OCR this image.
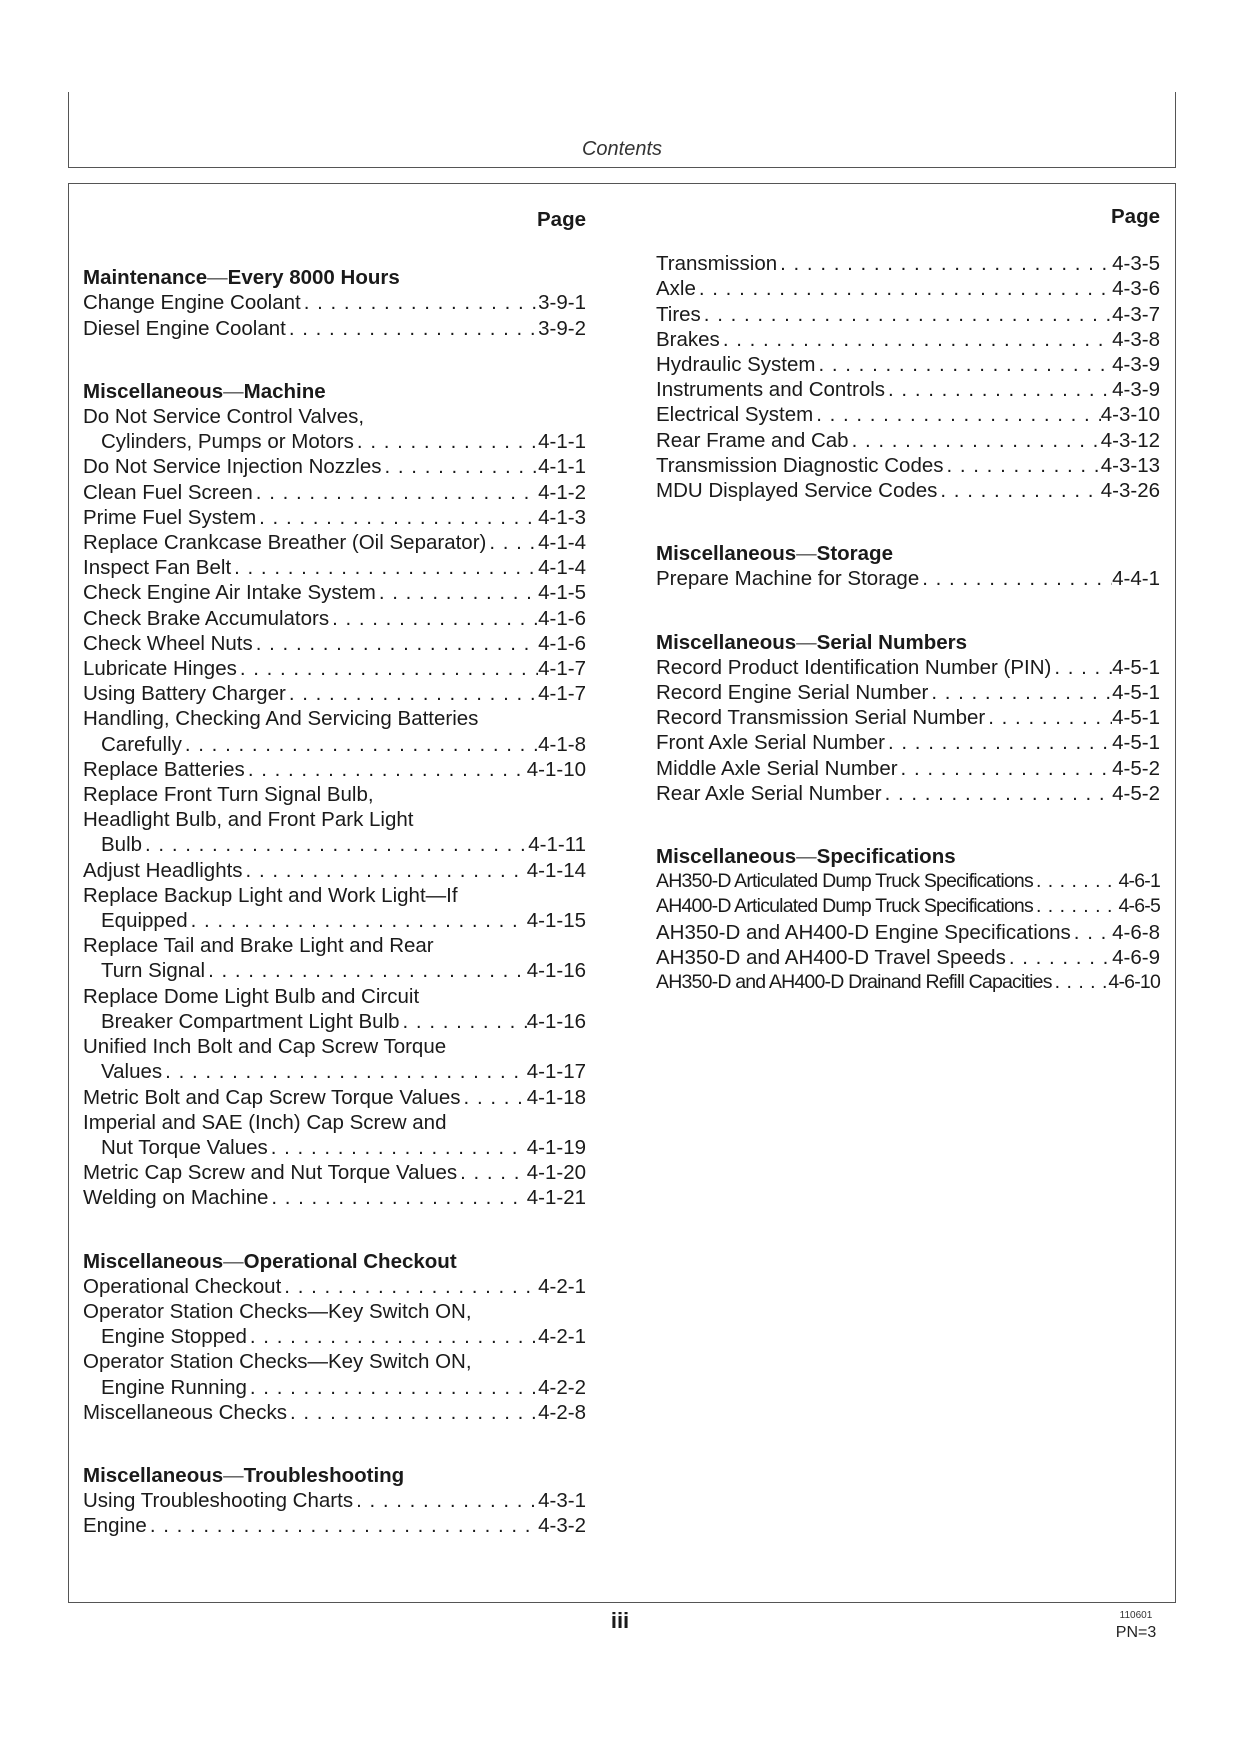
Contents
Page
Maintenance—Every 8000 Hours
Change Engine Coolant . . .	3-9-1
Diesel Engine Coolant . . .	3-9-2
Miscellaneous—Machine
Do Not Service Control Valves,
Cylinders, Pumps or Motors . . .	4-1-1
Do Not Service Injection Nozzles . . .	4-1-1
Clean Fuel Screen . . .	4-1-2
Prime Fuel System . . .	4-1-3
Replace Crankcase Breather (Oil Separator) . . .	4-1-4
Inspect Fan Belt . . .	4-1-4
Check Engine Air Intake System . . .	4-1-5
Check Brake Accumulators . . .	4-1-6
Check Wheel Nuts . . .	4-1-6
Lubricate Hinges . . .	4-1-7
Using Battery Charger . . .	4-1-7
Handling, Checking And Servicing Batteries
Carefully . . .	4-1-8
Replace Batteries . . .	4-1-10
Replace Front Turn Signal Bulb,
Headlight Bulb, and Front Park Light
Bulb . . .	4-1-11
Adjust Headlights . . .	4-1-14
Replace Backup Light and Work Light—If
Equipped . . .	4-1-15
Replace Tail and Brake Light and Rear
Turn Signal . . .	4-1-16
Replace Dome Light Bulb and Circuit
Breaker Compartment Light Bulb . . .	4-1-16
Unified Inch Bolt and Cap Screw Torque
Values . . .	4-1-17
Metric Bolt and Cap Screw Torque Values . . .	4-1-18
Imperial and SAE (Inch) Cap Screw and
Nut Torque Values . . .	4-1-19
Metric Cap Screw and Nut Torque Values . . .	4-1-20
Welding on Machine . . .	4-1-21
Miscellaneous—Operational Checkout
Operational Checkout . . .	4-2-1
Operator Station Checks—Key Switch ON,
Engine Stopped . . .	4-2-1
Operator Station Checks—Key Switch ON,
Engine Running . . .	4-2-2
Miscellaneous Checks . . .	4-2-8
Miscellaneous—Troubleshooting
Using Troubleshooting Charts . . .	4-3-1
Engine . . .	4-3-2
Page
Transmission . . .	4-3-5
Axle . . .	4-3-6
Tires . . .	4-3-7
Brakes . . .	4-3-8
Hydraulic System . . .	4-3-9
Instruments and Controls . . .	4-3-9
Electrical System . . .	4-3-10
Rear Frame and Cab . . .	4-3-12
Transmission Diagnostic Codes . . .	4-3-13
MDU Displayed Service Codes . . .	4-3-26
Miscellaneous—Storage
Prepare Machine for Storage . . .	4-4-1
Miscellaneous—Serial Numbers
Record Product Identification Number (PIN) . . .	4-5-1
Record Engine Serial Number . . .	4-5-1
Record Transmission Serial Number . . .	4-5-1
Front Axle Serial Number . . .	4-5-1
Middle Axle Serial Number . . .	4-5-2
Rear Axle Serial Number . . .	4-5-2
Miscellaneous—Specifications
AH350-D Articulated Dump Truck Specifications . . .	4-6-1
AH400-D Articulated Dump Truck Specifications . . .	4-6-5
AH350-D and AH400-D Engine Specifications . . . 4-6-8
AH350-D and AH400-D Travel Speeds . . .	4-6-9
AH350-D and AH400-D Drainand Refill Capacities . . .	4-6-10
iii	110601
PN=3
